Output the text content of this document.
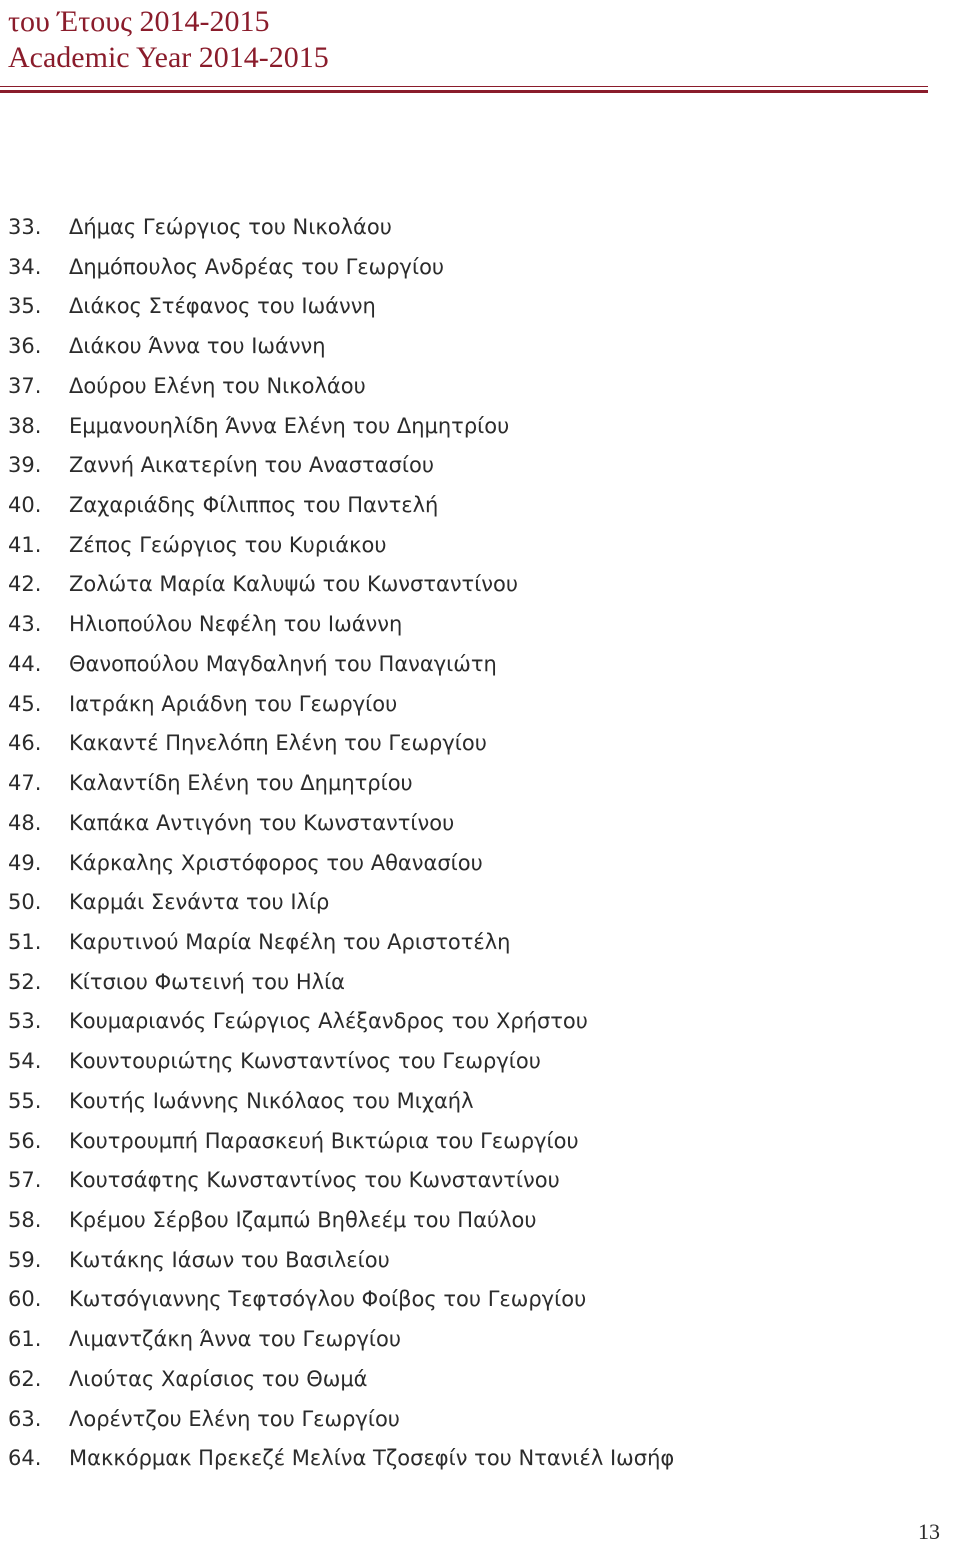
του Έτους 2014-2015
Academic Year 2014-2015
33.	Δήμας Γεώργιος του Νικολάου
34.	Δημόπουλος Ανδρέας του Γεωργίου
35.	Διάκος Στέφανος του Ιωάννη
36.	Διάκου Άννα του Ιωάννη
37.	Δούρου Ελένη του Νικολάου
38.	Εμμανουηλίδη Άννα Ελένη του Δημητρίου
39.	Ζαννή Αικατερίνη του Αναστασίου
40.	Ζαχαριάδης Φίλιππος του Παντελή
41.	Ζέπος Γεώργιος του Κυριάκου
42.	Ζολώτα Μαρία Καλυψώ του Κωνσταντίνου
43.	Ηλιοπούλου Νεφέλη του Ιωάννη
44.	Θανοπούλου Μαγδαληνή του Παναγιώτη
45.	Ιατράκη Αριάδνη του Γεωργίου
46.	Κακαντέ Πηνελόπη Ελένη του Γεωργίου
47.	Καλαντίδη Ελένη του Δημητρίου
48.	Καπάκα Αντιγόνη του Κωνσταντίνου
49.	Κάρκαλης Χριστόφορος του Αθανασίου
50.	Καρμάι Σενάντα του Ιλίρ
51.	Καρυτινού Μαρία Νεφέλη του Αριστοτέλη
52.	Κίτσιου Φωτεινή του Ηλία
53.	Κουμαριανός Γεώργιος Αλέξανδρος του Χρήστου
54.	Κουντουριώτης Κωνσταντίνος του Γεωργίου
55.	Κουτής Ιωάννης Νικόλαος του Μιχαήλ
56.	Κουτρουμπή Παρασκευή Βικτώρια του Γεωργίου
57.	Κουτσάφτης Κωνσταντίνος του Κωνσταντίνου
58.	Κρέμου Σέρβου Ιζαμπώ Βηθλεέμ του Παύλου
59.	Κωτάκης Ιάσων του Βασιλείου
60.	Κωτσόγιαννης Τεφτσόγλου Φοίβος του Γεωργίου
61.	Λιμαντζάκη Άννα του Γεωργίου
62.	Λιούτας Χαρίσιος του Θωμά
63.	Λορέντζου Ελένη του Γεωργίου
64.	Μακκόρμακ Πρεκεζέ Μελίνα Τζοσεφίν του Ντανιέλ Ιωσήφ
13
